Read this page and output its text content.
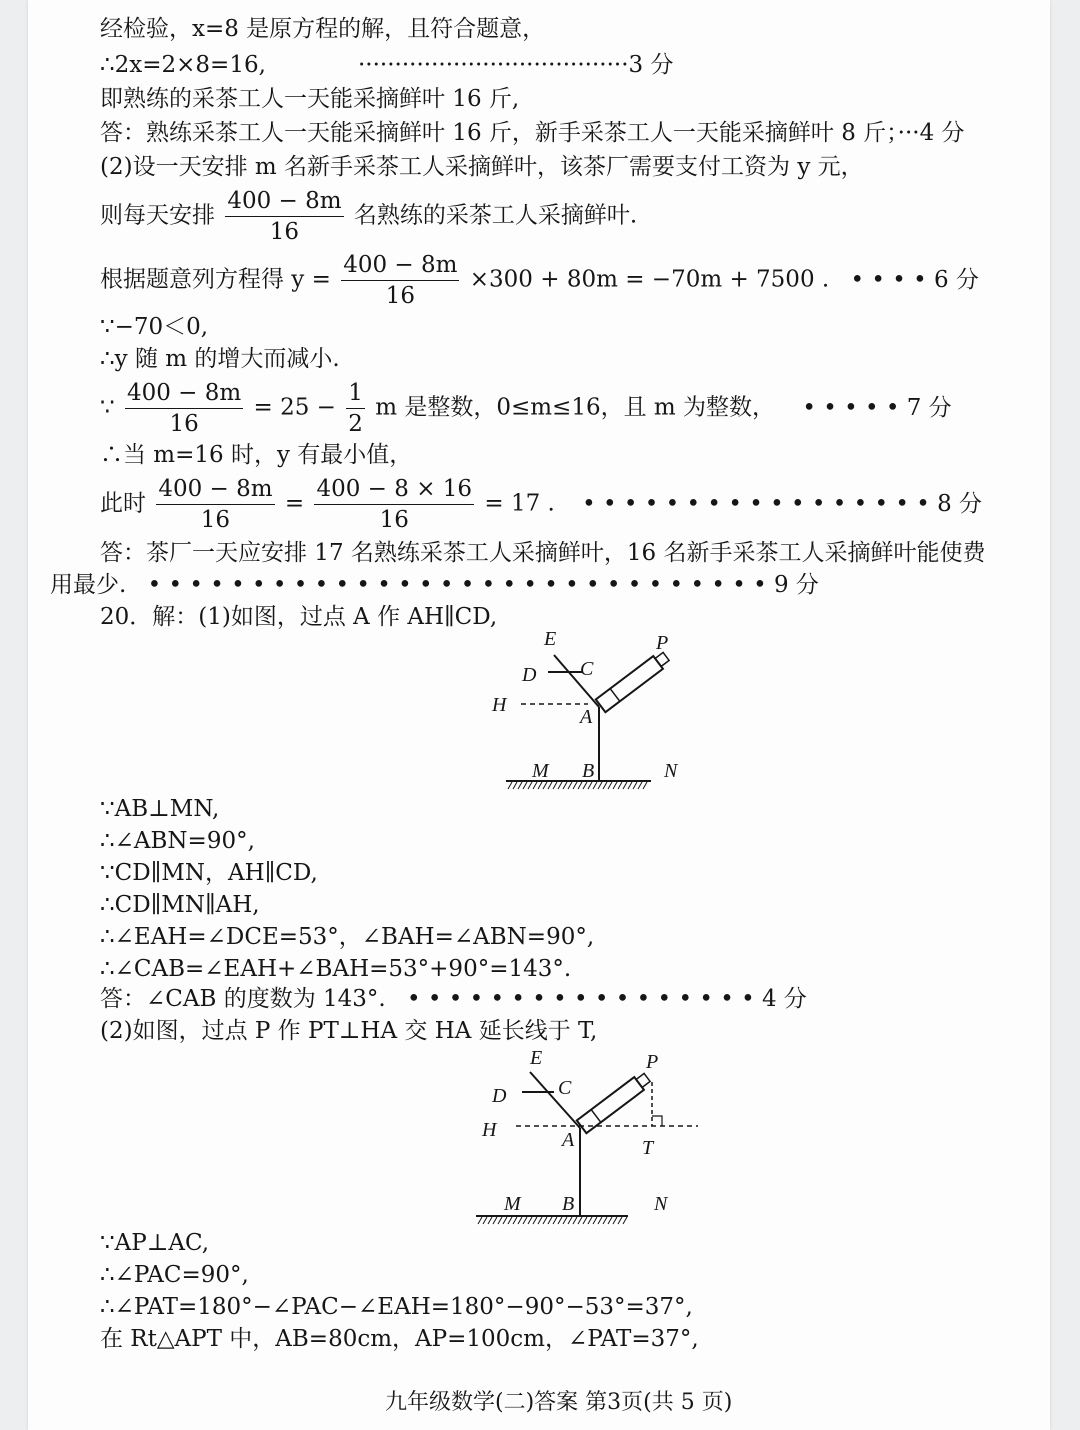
经检验，x=8 是原方程的解，且符合题意，
∴2x=2×8=16,	·····································3 分
即熟练的采茶工人一天能采摘鲜叶 16 斤,
答：熟练采茶工人一天能采摘鲜叶 16 斤，新手采茶工人一天能采摘鲜叶 8 斤；···4 分
(2)设一天安排 m 名新手采茶工人采摘鲜叶，该茶厂需要支付工资为 y 元，
则每天安排 $\frac{400 - 8m}{16}$ 名熟练的采茶工人采摘鲜叶.
根据题意列方程得 $y = \frac{400 - 8m}{16} \times 300 + 80m = -70m + 7500$ . • • • • 6 分
∵−70＜0,
∴y 随 m 的增大而减小.
∵ $\frac{400 - 8m}{16} = 25 - \frac{1}{2}$ m 是整数，0≤m≤16，且 m 为整数， • • • • • 7 分
∴当 m=16 时，y 有最小值，
此时 $\frac{400 - 8m}{16} = \frac{400 - 8 \times 16}{16} = 17$ . • • • • • • • • • • • • • • • • • 8 分
答：茶厂一天应安排 17 名熟练采茶工人采摘鲜叶，16 名新手采茶工人采摘鲜叶能使费
用最少. • • • • • • • • • • • • • • • • • • • • • • • • • • • • • • 9 分
20．解：(1)如图，过点 A 作 AH∥CD,
E	P
D C
H
A
M B	N
∵AB⊥MN,
∴∠ABN=90°,
∵CD∥MN，AH∥CD,
∴CD∥MN∥AH,
∴∠EAH=∠DCE=53°，∠BAH=∠ABN=90°,
∴∠CAB=∠EAH+∠BAH=53°+90°=143°.
答：∠CAB 的度数为 143°. • • • • • • • • • • • • • • • • • 4 分
(2)如图，过点 P 作 PT⊥HA 交 HA 延长线于 T,
E	P
D	C
H	A	T
M B	N
∵AP⊥AC,
∴∠PAC=90°,
∴∠PAT=180°−∠PAC−∠EAH=180°−90°−53°=37°,
在 Rt△APT 中，AB=80cm，AP=100cm，∠PAT=37°,
九年级数学(二)答案 第3页(共 5 页)
